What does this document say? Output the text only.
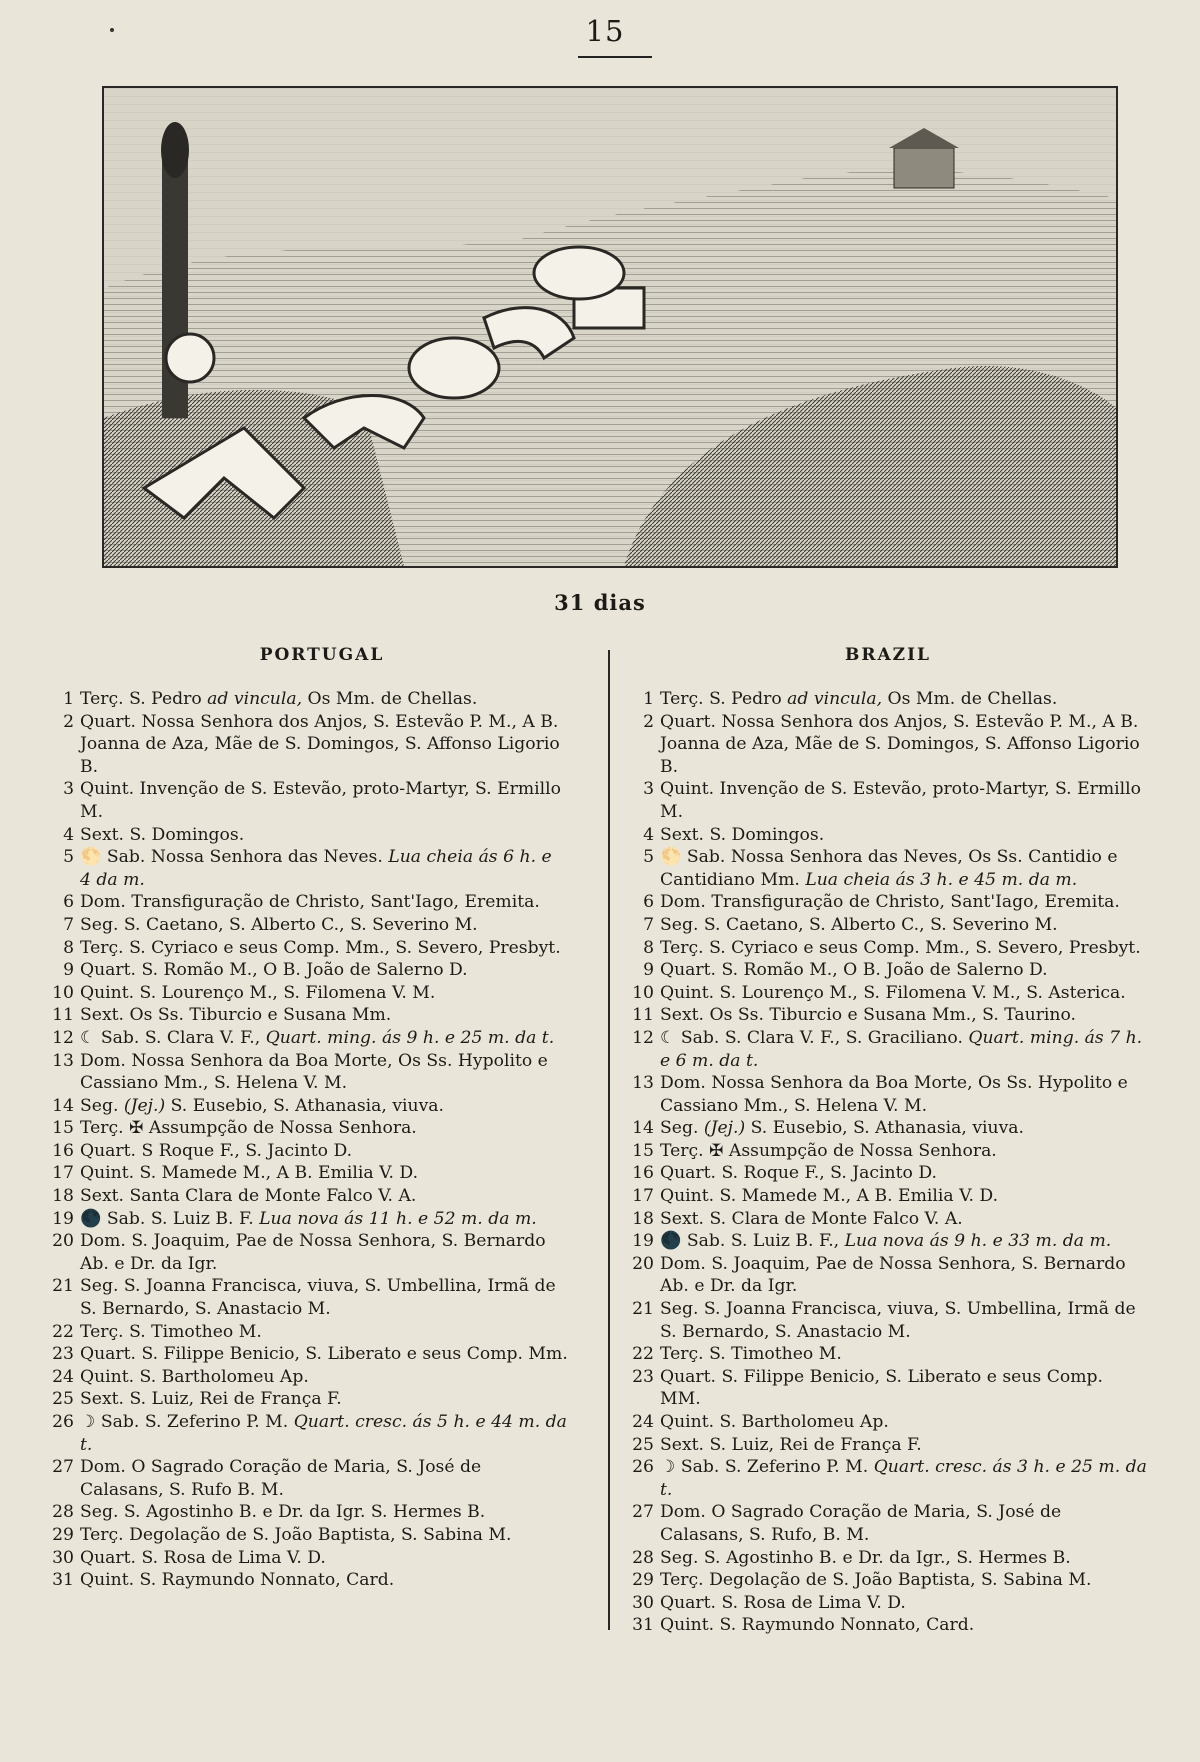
15
31 dias
PORTUGAL	BRAZIL
1 Terç. S. Pedro ad vincula, Os Mm. de Chellas.
2 Quart. Nossa Senhora dos Anjos, S. Estevão P. M., A B. Joanna de Aza, Mãe de S. Domingos, S. Affonso Ligorio B.
3 Quint. Invenção de S. Estevão, proto-Martyr, S. Ermillo M.
4 Sext. S. Domingos.
5 🌕 Sab. Nossa Senhora das Neves. Lua cheia ás 6 h. e 4 da m.
6 Dom. Transfiguração de Christo, Sant'Iago, Eremita.
7 Seg. S. Caetano, S. Alberto C., S. Severino M.
8 Terç. S. Cyriaco e seus Comp. Mm., S. Severo, Presbyt.
9 Quart. S. Romão M., O B. João de Salerno D.
10 Quint. S. Lourenço M., S. Filomena V. M.
11 Sext. Os Ss. Tiburcio e Susana Mm.
12 ☾ Sab. S. Clara V. F., Quart. ming. ás 9 h. e 25 m. da t.
13 Dom. Nossa Senhora da Boa Morte, Os Ss. Hypolito e Cassiano Mm., S. Helena V. M.
14 Seg. (Jej.) S. Eusebio, S. Athanasia, viuva.
15 Terç. ✠ Assumpção de Nossa Senhora.
16 Quart. S Roque F., S. Jacinto D.
17 Quint. S. Mamede M., A B. Emilia V. D.
18 Sext. Santa Clara de Monte Falco V. A.
19 🌑 Sab. S. Luiz B. F. Lua nova ás 11 h. e 52 m. da m.
20 Dom. S. Joaquim, Pae de Nossa Senhora, S. Bernardo Ab. e Dr. da Igr.
21 Seg. S. Joanna Francisca, viuva, S. Umbellina, Irmã de S. Bernardo, S. Anastacio M.
22 Terç. S. Timotheo M.
23 Quart. S. Filippe Benicio, S. Liberato e seus Comp. Mm.
24 Quint. S. Bartholomeu Ap.
25 Sext. S. Luiz, Rei de França F.
26 ☽ Sab. S. Zeferino P. M. Quart. cresc. ás 5 h. e 44 m. da t.
27 Dom. O Sagrado Coração de Maria, S. José de Calasans, S. Rufo B. M.
28 Seg. S. Agostinho B. e Dr. da Igr. S. Hermes B.
29 Terç. Degolação de S. João Baptista, S. Sabina M.
30 Quart. S. Rosa de Lima V. D.
31 Quint. S. Raymundo Nonnato, Card.
1 Terç. S. Pedro ad vincula, Os Mm. de Chellas.
2 Quart. Nossa Senhora dos Anjos, S. Estevão P. M., A B. Joanna de Aza, Mãe de S. Domingos, S. Affonso Ligorio B.
3 Quint. Invenção de S. Estevão, proto-Martyr, S. Ermillo M.
4 Sext. S. Domingos.
5 🌕 Sab. Nossa Senhora das Neves, Os Ss. Cantidio e Cantidiano Mm. Lua cheia ás 3 h. e 45 m. da m.
6 Dom. Transfiguração de Christo, Sant'Iago, Eremita.
7 Seg. S. Caetano, S. Alberto C., S. Severino M.
8 Terç. S. Cyriaco e seus Comp. Mm., S. Severo, Presbyt.
9 Quart. S. Romão M., O B. João de Salerno D.
10 Quint. S. Lourenço M., S. Filomena V. M., S. Asterica.
11 Sext. Os Ss. Tiburcio e Susana Mm., S. Taurino.
12 ☾ Sab. S. Clara V. F., S. Graciliano. Quart. ming. ás 7 h. e 6 m. da t.
13 Dom. Nossa Senhora da Boa Morte, Os Ss. Hypolito e Cassiano Mm., S. Helena V. M.
14 Seg. (Jej.) S. Eusebio, S. Athanasia, viuva.
15 Terç. ✠ Assumpção de Nossa Senhora.
16 Quart. S. Roque F., S. Jacinto D.
17 Quint. S. Mamede M., A B. Emilia V. D.
18 Sext. S. Clara de Monte Falco V. A.
19 🌑 Sab. S. Luiz B. F., Lua nova ás 9 h. e 33 m. da m.
20 Dom. S. Joaquim, Pae de Nossa Senhora, S. Bernardo Ab. e Dr. da Igr.
21 Seg. S. Joanna Francisca, viuva, S. Umbellina, Irmã de S. Bernardo, S. Anastacio M.
22 Terç. S. Timotheo M.
23 Quart. S. Filippe Benicio, S. Liberato e seus Comp. MM.
24 Quint. S. Bartholomeu Ap.
25 Sext. S. Luiz, Rei de França F.
26 ☽ Sab. S. Zeferino P. M. Quart. cresc. ás 3 h. e 25 m. da t.
27 Dom. O Sagrado Coração de Maria, S. José de Calasans, S. Rufo, B. M.
28 Seg. S. Agostinho B. e Dr. da Igr., S. Hermes B.
29 Terç. Degolação de S. João Baptista, S. Sabina M.
30 Quart. S. Rosa de Lima V. D.
31 Quint. S. Raymundo Nonnato, Card.
